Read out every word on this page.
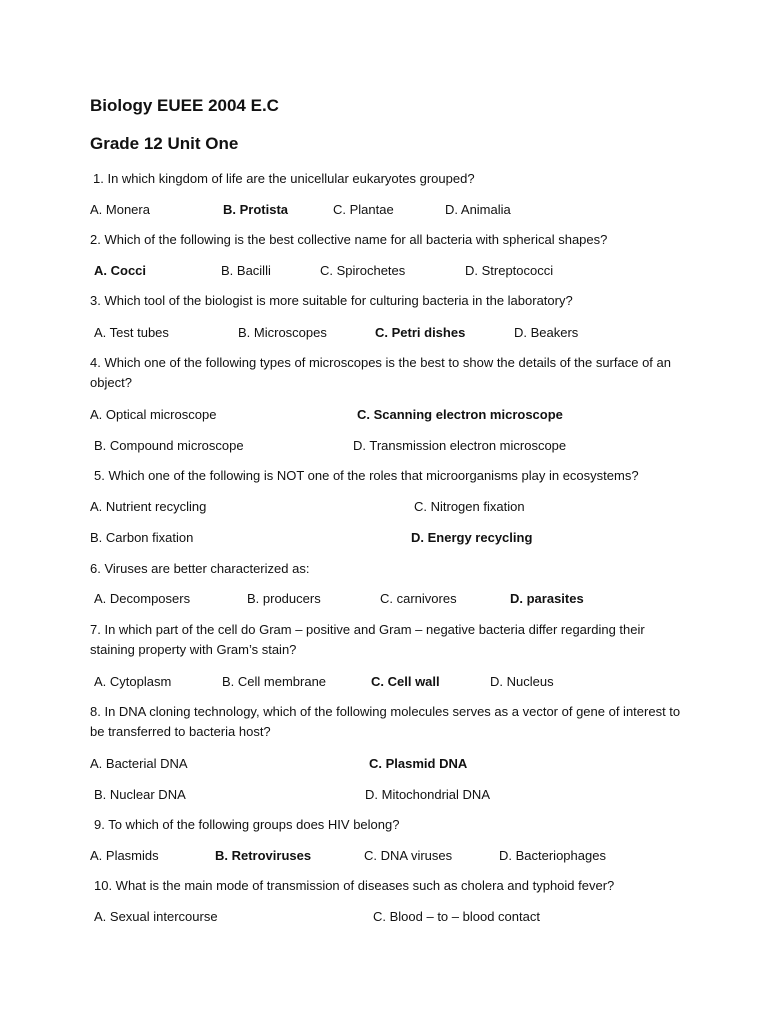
Biology EUEE 2004 E.C
Grade 12 Unit One
1. In which kingdom of life are the unicellular eukaryotes grouped?
A. Monera	B. Protista	C. Plantae	D. Animalia
2. Which of the following is the best collective name for all bacteria with spherical shapes?
A. Cocci	B. Bacilli	C. Spirochetes	D. Streptococci
3. Which tool of the biologist is more suitable for culturing bacteria in the laboratory?
A. Test tubes	B. Microscopes	C. Petri dishes	D. Beakers
4. Which one of the following types of microscopes is the best to show the details of the surface of an object?
A. Optical microscope	C. Scanning electron microscope
B. Compound microscope	D. Transmission electron microscope
5. Which one of the following is NOT one of the roles that microorganisms play in ecosystems?
A. Nutrient recycling	C. Nitrogen fixation
B. Carbon fixation	D. Energy recycling
6. Viruses are better characterized as:
A. Decomposers	B. producers	C. carnivores	D. parasites
7. In which part of the cell do Gram – positive and Gram – negative bacteria differ regarding their staining property with Gram’s stain?
A. Cytoplasm	B. Cell membrane	C. Cell wall	D. Nucleus
8. In DNA cloning technology, which of the following molecules serves as a vector of gene of interest to be transferred to bacteria host?
A. Bacterial DNA	C. Plasmid DNA
B. Nuclear DNA	D. Mitochondrial DNA
9. To which of the following groups does HIV belong?
A. Plasmids	B. Retroviruses	C. DNA viruses	D. Bacteriophages
10. What is the main mode of transmission of diseases such as cholera and typhoid fever?
A. Sexual intercourse	C. Blood – to – blood contact
